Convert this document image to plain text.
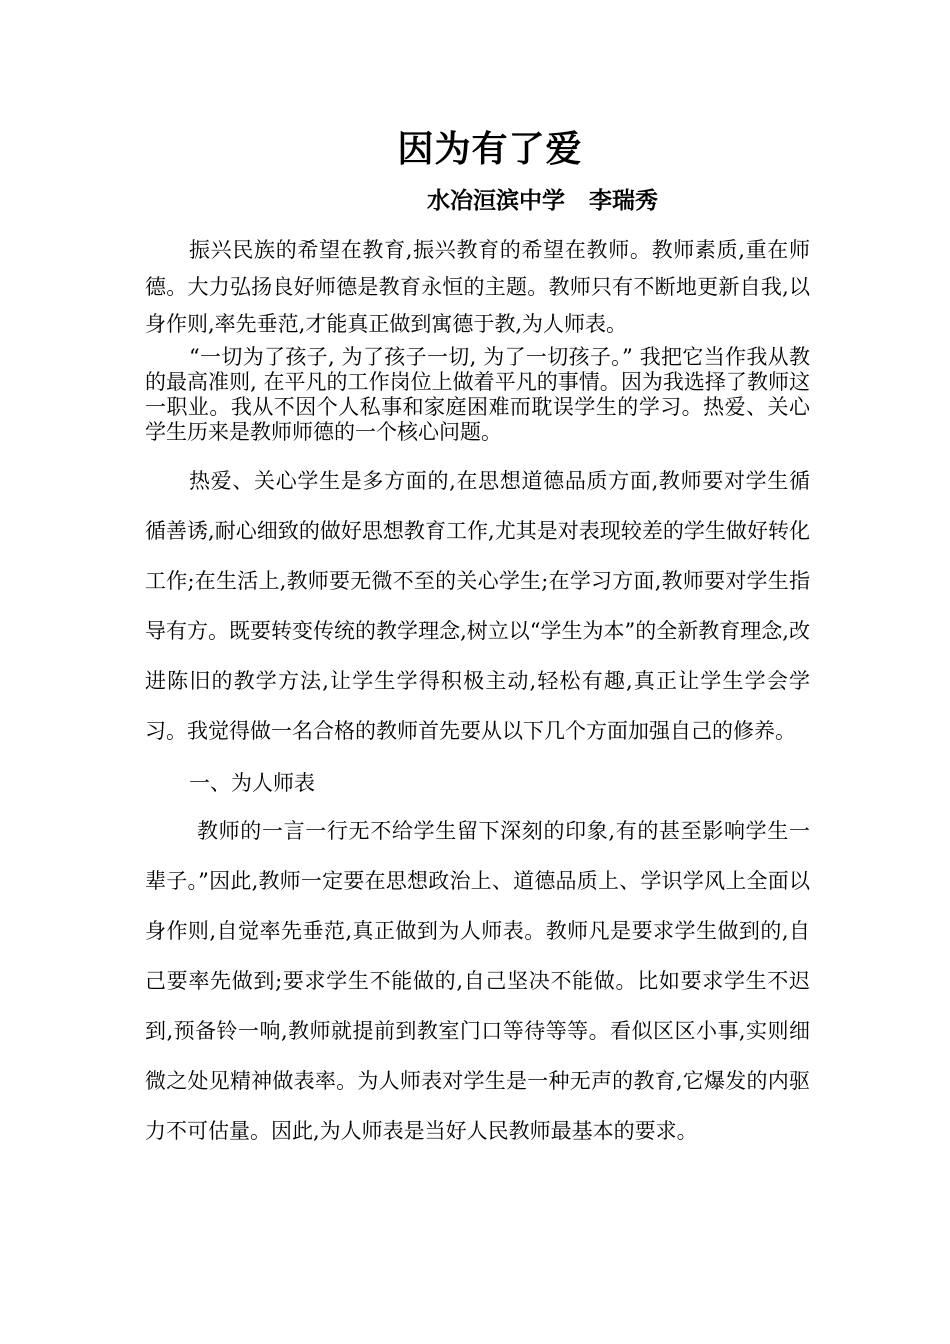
因为有了爱
水冶洹滨中学   李瑞秀

振兴民族的希望在教育,振兴教育的希望在教师。教师素质,重在师德。大力弘扬良好师德是教育永恒的主题。教师只有不断地更新自我,以身作则,率先垂范,才能真正做到寓德于教,为人师表。

“一切为了孩子, 为了孩子一切, 为了一切孩子。” 我把它当作我从教的最高准则, 在平凡的工作岗位上做着平凡的事情。因为我选择了教师这一职业。我从不因个人私事和家庭困难而耽误学生的学习。热爱、关心学生历来是教师师德的一个核心问题。

热爱、关心学生是多方面的,在思想道德品质方面,教师要对学生循循善诱,耐心细致的做好思想教育工作,尤其是对表现较差的学生做好转化工作;在生活上,教师要无微不至的关心学生;在学习方面,教师要对学生指导有方。既要转变传统的教学理念,树立以“学生为本”的全新教育理念,改进陈旧的教学方法,让学生学得积极主动,轻松有趣,真正让学生学会学习。我觉得做一名合格的教师首先要从以下几个方面加强自己的修养。

一、为人师表

教师的一言一行无不给学生留下深刻的印象,有的甚至影响学生一辈子。”因此,教师一定要在思想政治上、道德品质上、学识学风上全面以身作则,自觉率先垂范,真正做到为人师表。教师凡是要求学生做到的,自己要率先做到;要求学生不能做的,自己坚决不能做。比如要求学生不迟到,预备铃一响,教师就提前到教室门口等待等等。看似区区小事,实则细微之处见精神做表率。为人师表对学生是一种无声的教育,它爆发的内驱力不可估量。因此,为人师表是当好人民教师最基本的要求。
